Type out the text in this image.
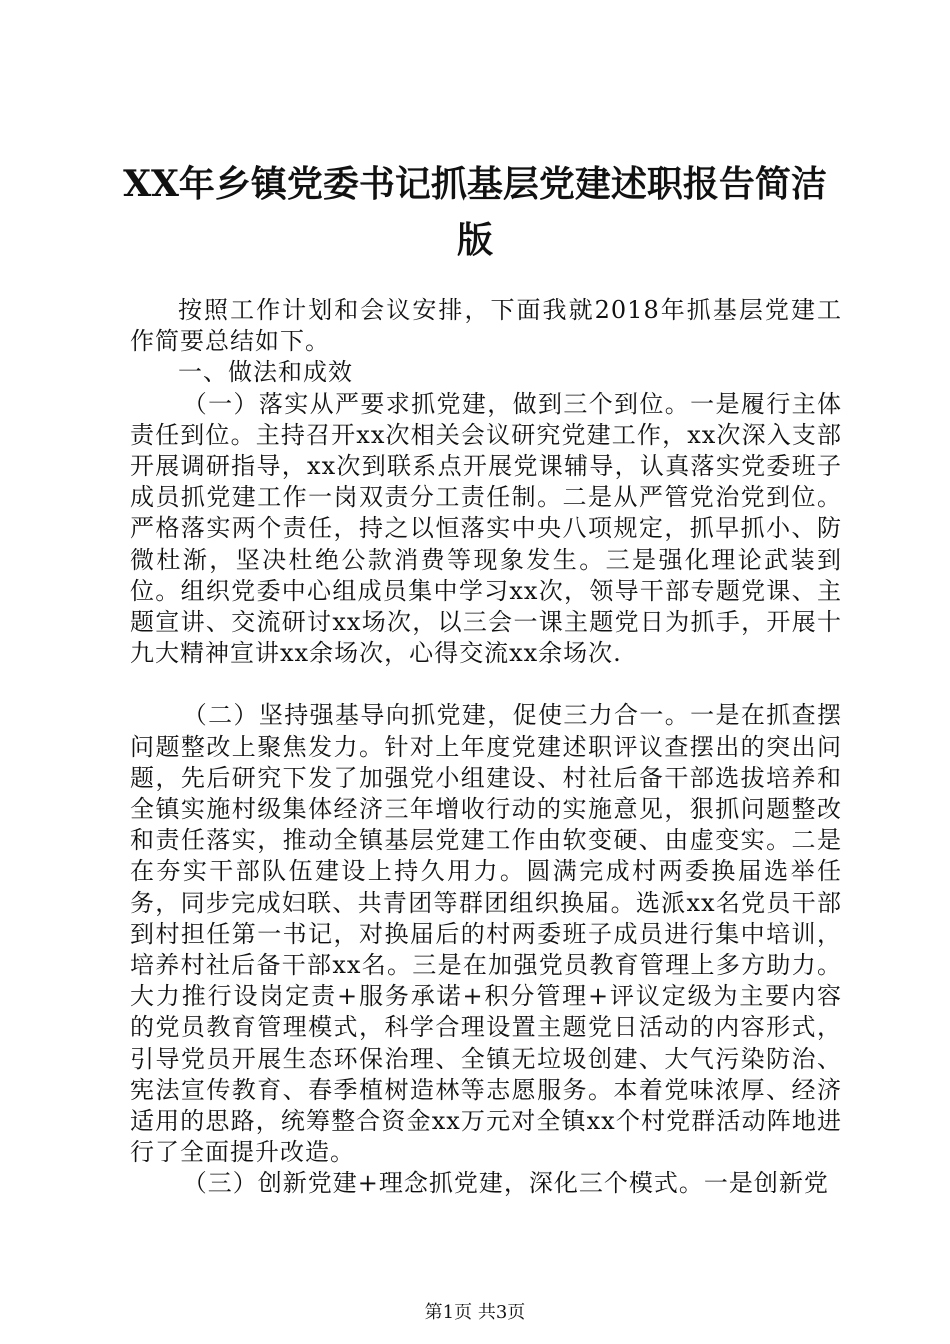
XX年乡镇党委书记抓基层党建述职报告简洁
版

按照工作计划和会议安排，下面我就2018年抓基层党建工作简要总结如下。

一、做法和成效

（一）落实从严要求抓党建，做到三个到位。一是履行主体责任到位。主持召开xx次相关会议研究党建工作，xx次深入支部开展调研指导，xx次到联系点开展党课辅导，认真落实党委班子成员抓党建工作一岗双责分工责任制。二是从严管党治党到位。严格落实两个责任，持之以恒落实中央八项规定，抓早抓小、防微杜渐，坚决杜绝公款消费等现象发生。三是强化理论武装到位。组织党委中心组成员集中学习xx次，领导干部专题党课、主题宣讲、交流研讨xx场次，以三会一课主题党日为抓手，开展十九大精神宣讲xx余场次，心得交流xx余场次.

（二）坚持强基导向抓党建，促使三力合一。一是在抓查摆问题整改上聚焦发力。针对上年度党建述职评议查摆出的突出问题，先后研究下发了加强党小组建设、村社后备干部选拔培养和全镇实施村级集体经济三年增收行动的实施意见，狠抓问题整改和责任落实，推动全镇基层党建工作由软变硬、由虚变实。二是在夯实干部队伍建设上持久用力。圆满完成村两委换届选举任务，同步完成妇联、共青团等群团组织换届。选派xx名党员干部到村担任第一书记，对换届后的村两委班子成员进行集中培训，培养村社后备干部xx名。三是在加强党员教育管理上多方助力。大力推行设岗定责+服务承诺+积分管理+评议定级为主要内容的党员教育管理模式，科学合理设置主题党日活动的内容形式，引导党员开展生态环保治理、全镇无垃圾创建、大气污染防治、宪法宣传教育、春季植树造林等志愿服务。本着党味浓厚、经济适用的思路，统筹整合资金xx万元对全镇xx个村党群活动阵地进行了全面提升改造。

（三）创新党建+理念抓党建，深化三个模式。一是创新党

第1页 共3页
